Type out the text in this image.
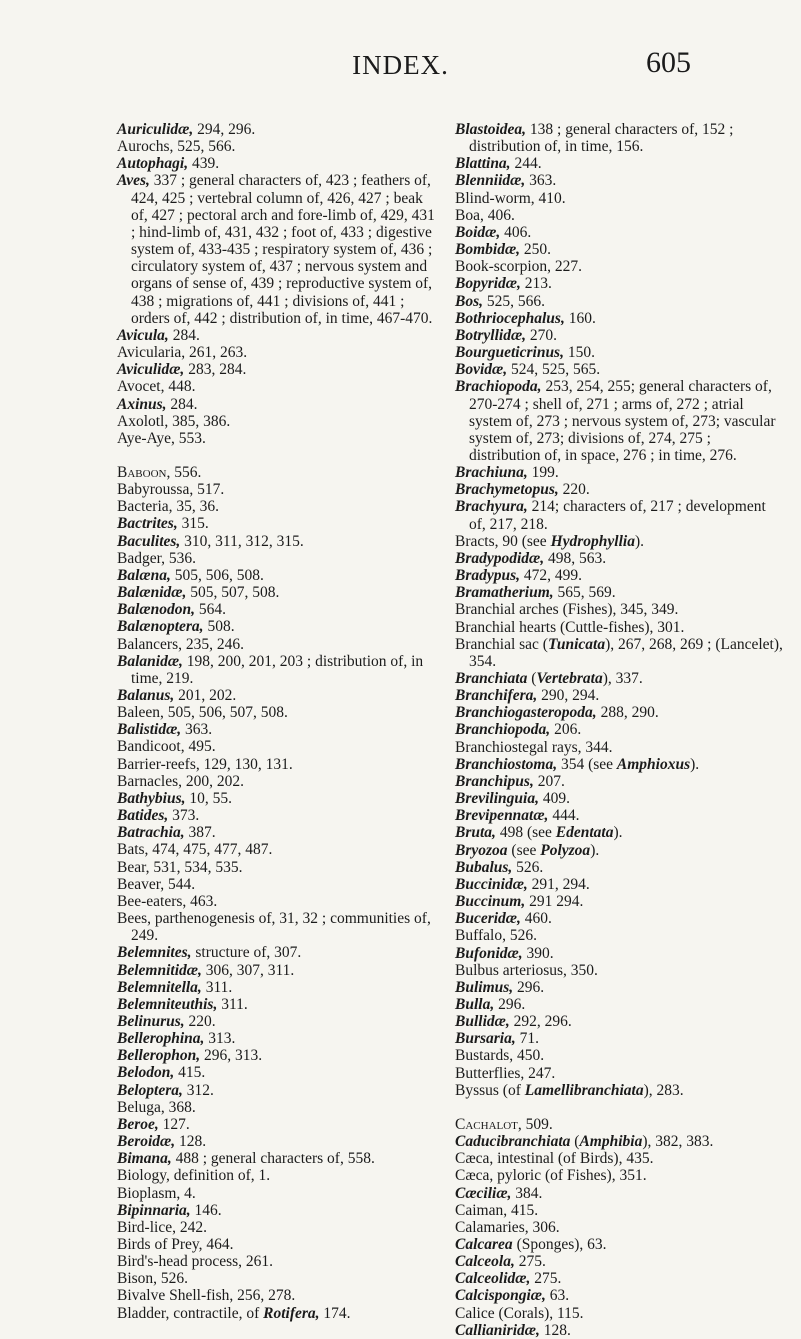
INDEX.	605
Auriculidæ, 294, 296.
Aurochs, 525, 566.
Autophagi, 439.
Aves, 337 ; general characters of, 423 ; feathers of, 424, 425 ; vertebral column of, 426, 427 ; beak of, 427 ; pectoral arch and fore-limb of, 429, 431 ; hind-limb of, 431, 432 ; foot of, 433 ; digestive system of, 433-435 ; respiratory system of, 436 ; circulatory system of, 437 ; nervous system and organs of sense of, 439 ; reproductive system of, 438 ; migrations of, 441 ; divisions of, 441 ; orders of, 442 ; distribution of, in time, 467-470.
Avicula, 284.
Avicularia, 261, 263.
Aviculidæ, 283, 284.
Avocet, 448.
Axinus, 284.
Axolotl, 385, 386.
Aye-Aye, 553.
Baboon, 556.
Babyroussa, 517.
Bacteria, 35, 36.
Bactrites, 315.
Baculites, 310, 311, 312, 315.
Badger, 536.
Balæna, 505, 506, 508.
Balænidæ, 505, 507, 508.
Balænodon, 564.
Balænoptera, 508.
Balancers, 235, 246.
Balanidæ, 198, 200, 201, 203 ; distribution of, in time, 219.
Balanus, 201, 202.
Baleen, 505, 506, 507, 508.
Balistidæ, 363.
Bandicoot, 495.
Barrier-reefs, 129, 130, 131.
Barnacles, 200, 202.
Bathybius, 10, 55.
Batides, 373.
Batrachia, 387.
Bats, 474, 475, 477, 487.
Bear, 531, 534, 535.
Beaver, 544.
Bee-eaters, 463.
Bees, parthenogenesis of, 31, 32 ; communities of, 249.
Belemnites, structure of, 307.
Belemnitidæ, 306, 307, 311.
Belemnitella, 311.
Belemniteuthis, 311.
Belinurus, 220.
Bellerophina, 313.
Bellerophon, 296, 313.
Belodon, 415.
Beloptera, 312.
Beluga, 368.
Beroe, 127.
Beroidæ, 128.
Bimana, 488 ; general characters of, 558.
Biology, definition of, 1.
Bioplasm, 4.
Bipinnaria, 146.
Bird-lice, 242.
Birds of Prey, 464.
Bird's-head process, 261.
Bison, 526.
Bivalve Shell-fish, 256, 278.
Bladder, contractile, of Rotifera, 174.
Blastoidea, 138 ; general characters of, 152 ; distribution of, in time, 156.
Blattina, 244.
Blenniidæ, 363.
Blind-worm, 410.
Boa, 406.
Boidæ, 406.
Bombidæ, 250.
Book-scorpion, 227.
Bopyridæ, 213.
Bos, 525, 566.
Bothriocephalus, 160.
Botryllidæ, 270.
Bourgueticrinus, 150.
Bovidæ, 524, 525, 565.
Brachiopoda, 253, 254, 255; general characters of, 270-274 ; shell of, 271 ; arms of, 272 ; atrial system of, 273 ; nervous system of, 273; vascular system of, 273; divisions of, 274, 275 ; distribution of, in space, 276 ; in time, 276.
Brachiuna, 199.
Brachymetopus, 220.
Brachyura, 214; characters of, 217 ; development of, 217, 218.
Bracts, 90 (see Hydrophyllia).
Bradypodidæ, 498, 563.
Bradypus, 472, 499.
Bramatherium, 565, 569.
Branchial arches (Fishes), 345, 349.
Branchial hearts (Cuttle-fishes), 301.
Branchial sac (Tunicata), 267, 268, 269 ; (Lancelet), 354.
Branchiata (Vertebrata), 337.
Branchifera, 290, 294.
Branchiogasteropoda, 288, 290.
Branchiopoda, 206.
Branchiostegal rays, 344.
Branchiostoma, 354 (see Amphioxus).
Branchipus, 207.
Brevilinguia, 409.
Brevipennatæ, 444.
Bruta, 498 (see Edentata).
Bryozoa (see Polyzoa).
Bubalus, 526.
Buccinidæ, 291, 294.
Buccinum, 291 294.
Buceridæ, 460.
Buffalo, 526.
Bufonidæ, 390.
Bulbus arteriosus, 350.
Bulimus, 296.
Bulla, 296.
Bullidæ, 292, 296.
Bursaria, 71.
Bustards, 450.
Butterflies, 247.
Byssus (of Lamellibranchiata), 283.
Cachalot, 509.
Caducibranchiata (Amphibia), 382, 383.
Cæca, intestinal (of Birds), 435.
Cæca, pyloric (of Fishes), 351.
Cæciliæ, 384.
Caiman, 415.
Calamaries, 306.
Calcarea (Sponges), 63.
Calceola, 275.
Calceolidæ, 275.
Calcispongiæ, 63.
Calice (Corals), 115.
Callianiridæ, 128.
